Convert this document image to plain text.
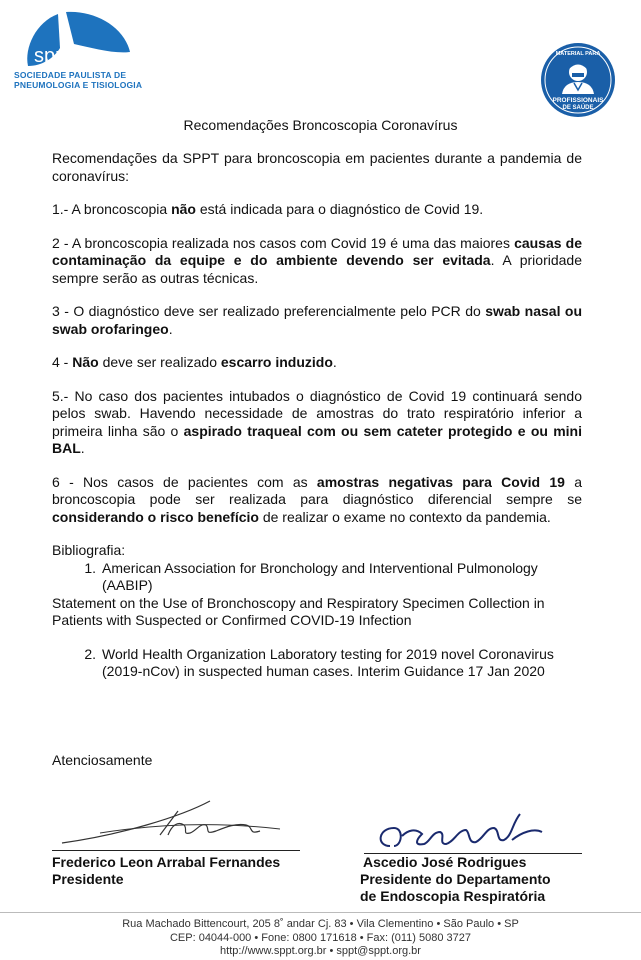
sppt
SOCIEDADE PAULISTA DE
PNEUMOLOGIA E TISIOLOGIA
MATERIAL PARA
PROFISSIONAIS
DE SAÚDE
Recomendações Broncoscopia Coronavírus

Recomendações da SPPT para broncoscopia em pacientes durante a pandemia de coronavírus:

1.- A broncoscopia não está indicada para o diagnóstico de Covid 19.

2 - A broncoscopia realizada nos casos com Covid 19 é uma das maiores causas de contaminação da equipe e do ambiente devendo ser evitada. A prioridade sempre serão as outras técnicas.

3 - O diagnóstico deve ser realizado preferencialmente pelo PCR do swab nasal ou swab orofaringeo.

4 - Não deve ser realizado escarro induzido.

5.- No caso dos pacientes intubados o diagnóstico de Covid 19 continuará sendo pelos swab. Havendo necessidade de amostras do trato respiratório inferior a primeira linha são o aspirado traqueal com ou sem cateter protegido e ou mini BAL.

6 - Nos casos de pacientes com as amostras negativas para Covid 19 a broncoscopia pode ser realizada para diagnóstico diferencial sempre se considerando o risco benefício de realizar o exame no contexto da pandemia.

Bibliografia:
1. American Association for Bronchology and Interventional Pulmonology (AABIP)
Statement on the Use of Bronchoscopy and Respiratory Specimen Collection in Patients with Suspected or Confirmed COVID-19 Infection
2. World Health Organization Laboratory testing for 2019 novel Coronavirus (2019-nCov) in suspected human cases. Interim Guidance 17 Jan 2020
Atenciosamente
Frederico Leon Arrabal Fernandes
Presidente
Ascedio José Rodrigues
Presidente do Departamento
de Endoscopia Respiratória
Rua Machado Bittencourt, 205 8˚ andar Cj. 83 • Vila Clementino • São Paulo • SP
CEP: 04044-000 • Fone: 0800 171618 • Fax: (011) 5080 3727
http://www.sppt.org.br • sppt@sppt.org.br
